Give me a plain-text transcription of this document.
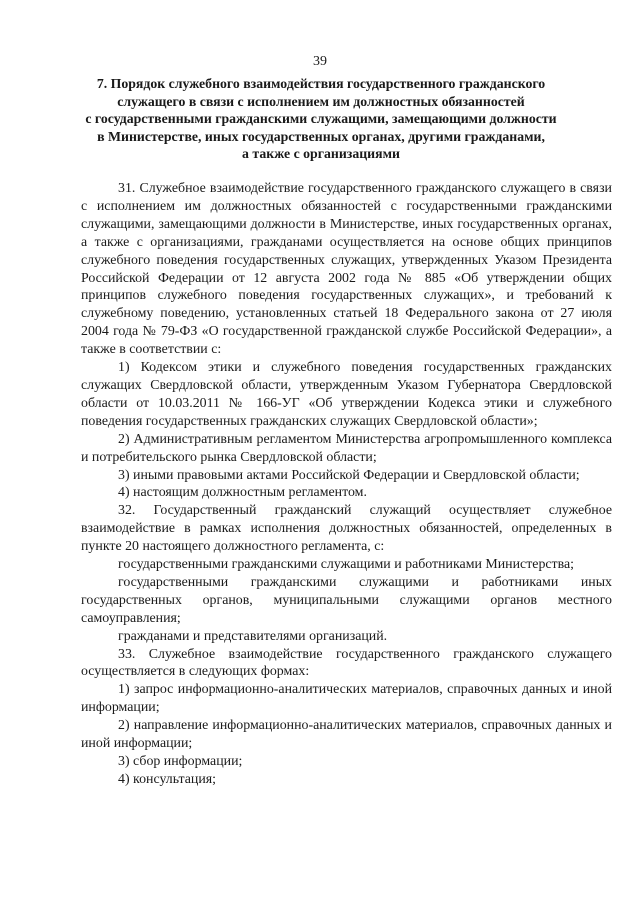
39
7. Порядок служебного взаимодействия государственного гражданского
служащего в связи с исполнением им должностных обязанностей
с государственными гражданскими служащими, замещающими должности
в Министерстве, иных государственных органах, другими гражданами,
а также с организациями

31. Служебное взаимодействие государственного гражданского служащего в связи с исполнением им должностных обязанностей с государственными гражданскими служащими, замещающими должности в Министерстве, иных государственных органах, а также с организациями, гражданами осуществляется на основе общих принципов служебного поведения государственных служащих, утвержденных Указом Президента Российской Федерации от 12 августа 2002 года № 885 «Об утверждении общих принципов служебного поведения государственных служащих», и требований к служебному поведению, установленных статьей 18 Федерального закона от 27 июля 2004 года № 79-ФЗ «О государственной гражданской службе Российской Федерации», а также в соответствии с:

1) Кодексом этики и служебного поведения государственных гражданских служащих Свердловской области, утвержденным Указом Губернатора Свердловской области от 10.03.2011 № 166-УГ «Об утверждении Кодекса этики и служебного поведения государственных гражданских служащих Свердловской области»;

2) Административным регламентом Министерства агропромышленного комплекса и потребительского рынка Свердловской области;

3) иными правовыми актами Российской Федерации и Свердловской области;

4) настоящим должностным регламентом.

32. Государственный гражданский служащий осуществляет служебное взаимодействие в рамках исполнения должностных обязанностей, определенных в пункте 20 настоящего должностного регламента, с:

государственными гражданскими служащими и работниками Министерства;

государственными гражданскими служащими и работниками иных государственных органов, муниципальными служащими органов местного самоуправления;

гражданами и представителями организаций.

33. Служебное взаимодействие государственного гражданского служащего осуществляется в следующих формах:

1) запрос информационно-аналитических материалов, справочных данных и иной информации;

2) направление информационно-аналитических материалов, справочных данных и иной информации;

3) сбор информации;

4) консультация;
